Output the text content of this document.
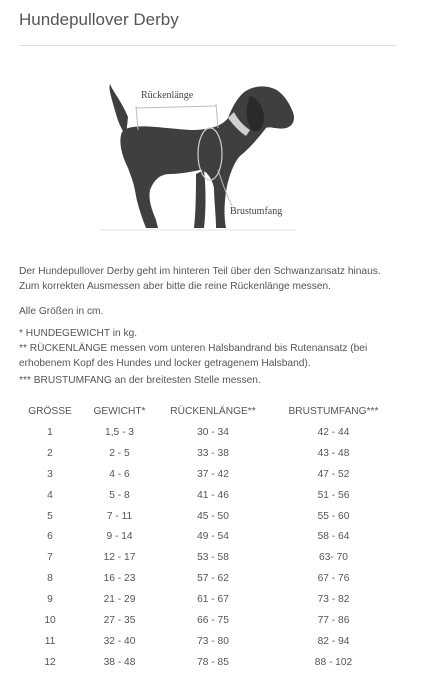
Hundepullover Derby
Rückenlänge
Brustumfang

Der Hundepullover Derby geht im hinteren Teil über den Schwanzansatz hinaus. Zum korrekten Ausmessen aber bitte die reine Rückenlänge messen.

Alle Größen in cm.

* HUNDEGEWICHT in kg.

** RÜCKENLÄNGE messen vom unteren Halsbandrand bis Rutenansatz (bei erhobenem Kopf des Hundes und locker getragenem Halsband).

*** BRUSTUMFANG an der breitesten Stelle messen.

GRÖSSE	GEWICHT*	RÜCKENLÄNGE**	BRUSTUMFANG***
1	1,5 - 3	30 - 34	42 - 44
2	2 - 5	33 - 38	43 - 48
3	4 - 6	37 - 42	47 - 52
4	5 - 8	41 - 46	51 - 56
5	7 - 11	45 - 50	55 - 60
6	9 - 14	49 - 54	58 - 64
7	12 - 17	53 - 58	63- 70
8	16 - 23	57 - 62	67 - 76
9	21 - 29	61 - 67	73 - 82
10	27 - 35	66 - 75	77 - 86
11	32 - 40	73 - 80	82 - 94
12	38 - 48	78 - 85	88 - 102
